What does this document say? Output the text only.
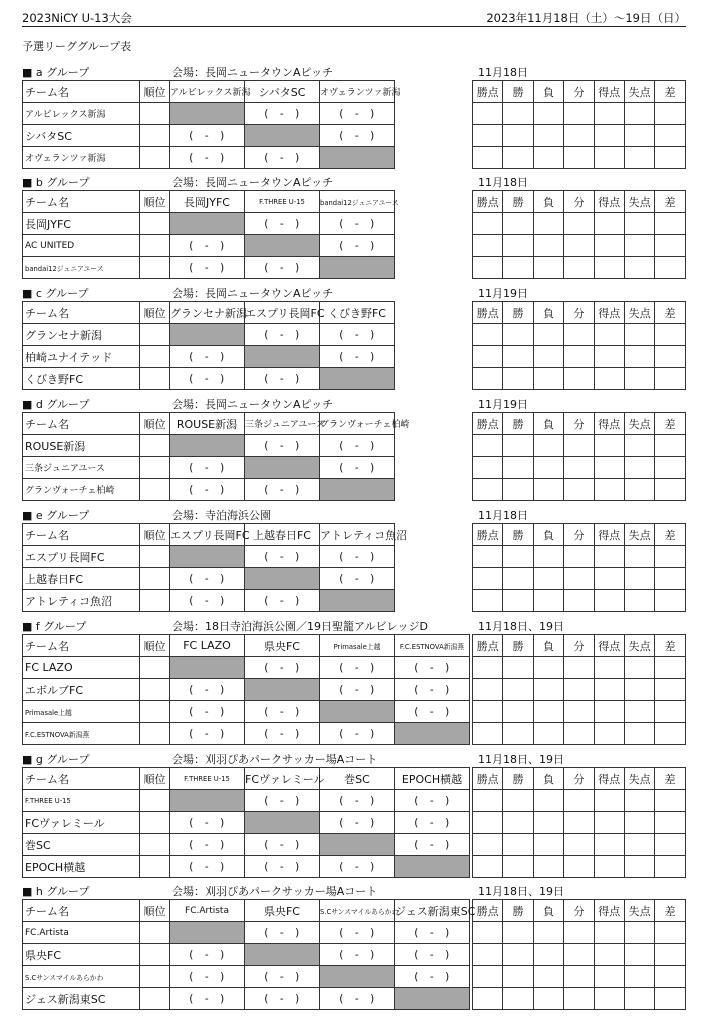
2023NiCY U-13大会	2023年11月18日（土）～19日（日）
予選リーググループ表
■ a グループ	会場：長岡ニュータウンAピッチ	11月18日
チーム名	順位	アルビレックス新潟	シバタSC	オヴェランツァ新潟		勝点	勝	負	分	得点	失点	差
アルビレックス新潟			(　-　)	(　-　)								
シバタSC		(　-　)		(　-　)								
オヴェランツァ新潟		(　-　)	(　-　)									
■ b グループ	会場：長岡ニュータウンAピッチ	11月18日
チーム名	順位	長岡JYFC	F.THREE U-15	bandai12ジュニアユース		勝点	勝	負	分	得点	失点	差
長岡JYFC			(　-　)	(　-　)								
AC UNITED		(　-　)		(　-　)								
bandai12ジュニアユース		(　-　)	(　-　)									
■ c グループ	会場：長岡ニュータウンAピッチ	11月19日
チーム名	順位	グランセナ新潟	エスプリ長岡FC	くびき野FC		勝点	勝	負	分	得点	失点	差
グランセナ新潟			(　-　)	(　-　)								
柏崎ユナイテッド		(　-　)		(　-　)								
くびき野FC		(　-　)	(　-　)									
■ d グループ	会場：長岡ニュータウンAピッチ	11月19日
チーム名	順位	ROUSE新潟	三条ジュニアユース	グランヴォーチェ柏崎		勝点	勝	負	分	得点	失点	差
ROUSE新潟			(　-　)	(　-　)								
三条ジュニアユース		(　-　)		(　-　)								
グランヴォーチェ柏崎		(　-　)	(　-　)									
■ e グループ	会場：寺泊海浜公園	11月18日
チーム名	順位	エスプリ長岡FC	上越春日FC	アトレティコ魚沼		勝点	勝	負	分	得点	失点	差
エスプリ長岡FC			(　-　)	(　-　)								
上越春日FC		(　-　)		(　-　)								
アトレティコ魚沼		(　-　)	(　-　)									
■ f グループ	会場：18日寺泊海浜公園／19日聖籠アルビレッジD	11月18日、19日
チーム名	順位	FC LAZO	県央FC	Primasale上越	F.C.ESTNOVA新潟燕		勝点	勝	負	分	得点	失点	差
FC LAZO			(　-　)	(　-　)	(　-　)								
エボルブFC		(　-　)		(　-　)	(　-　)								
Primasale上越		(　-　)	(　-　)		(　-　)								
F.C.ESTNOVA新潟燕		(　-　)	(　-　)	(　-　)									
■ g グループ	会場：刈羽ぴあパークサッカー場Aコート	11月18日、19日
チーム名	順位	F.THREE U-15	FCヴァレミール	巻SC	EPOCH横越		勝点	勝	負	分	得点	失点	差
F.THREE U-15			(　-　)	(　-　)	(　-　)								
FCヴァレミール		(　-　)		(　-　)	(　-　)								
巻SC		(　-　)	(　-　)		(　-　)								
EPOCH横越		(　-　)	(　-　)	(　-　)									
■ h グループ	会場：刈羽ぴあパークサッカー場Aコート	11月18日、19日
チーム名	順位	FC.Artista	県央FC	S.Cサンスマイルあらかわ	ジェス新潟東SC		勝点	勝	負	分	得点	失点	差
FC.Artista			(　-　)	(　-　)	(　-　)								
県央FC		(　-　)		(　-　)	(　-　)								
S.Cサンスマイルあらかわ		(　-　)	(　-　)		(　-　)								
ジェス新潟東SC		(　-　)	(　-　)	(　-　)									
